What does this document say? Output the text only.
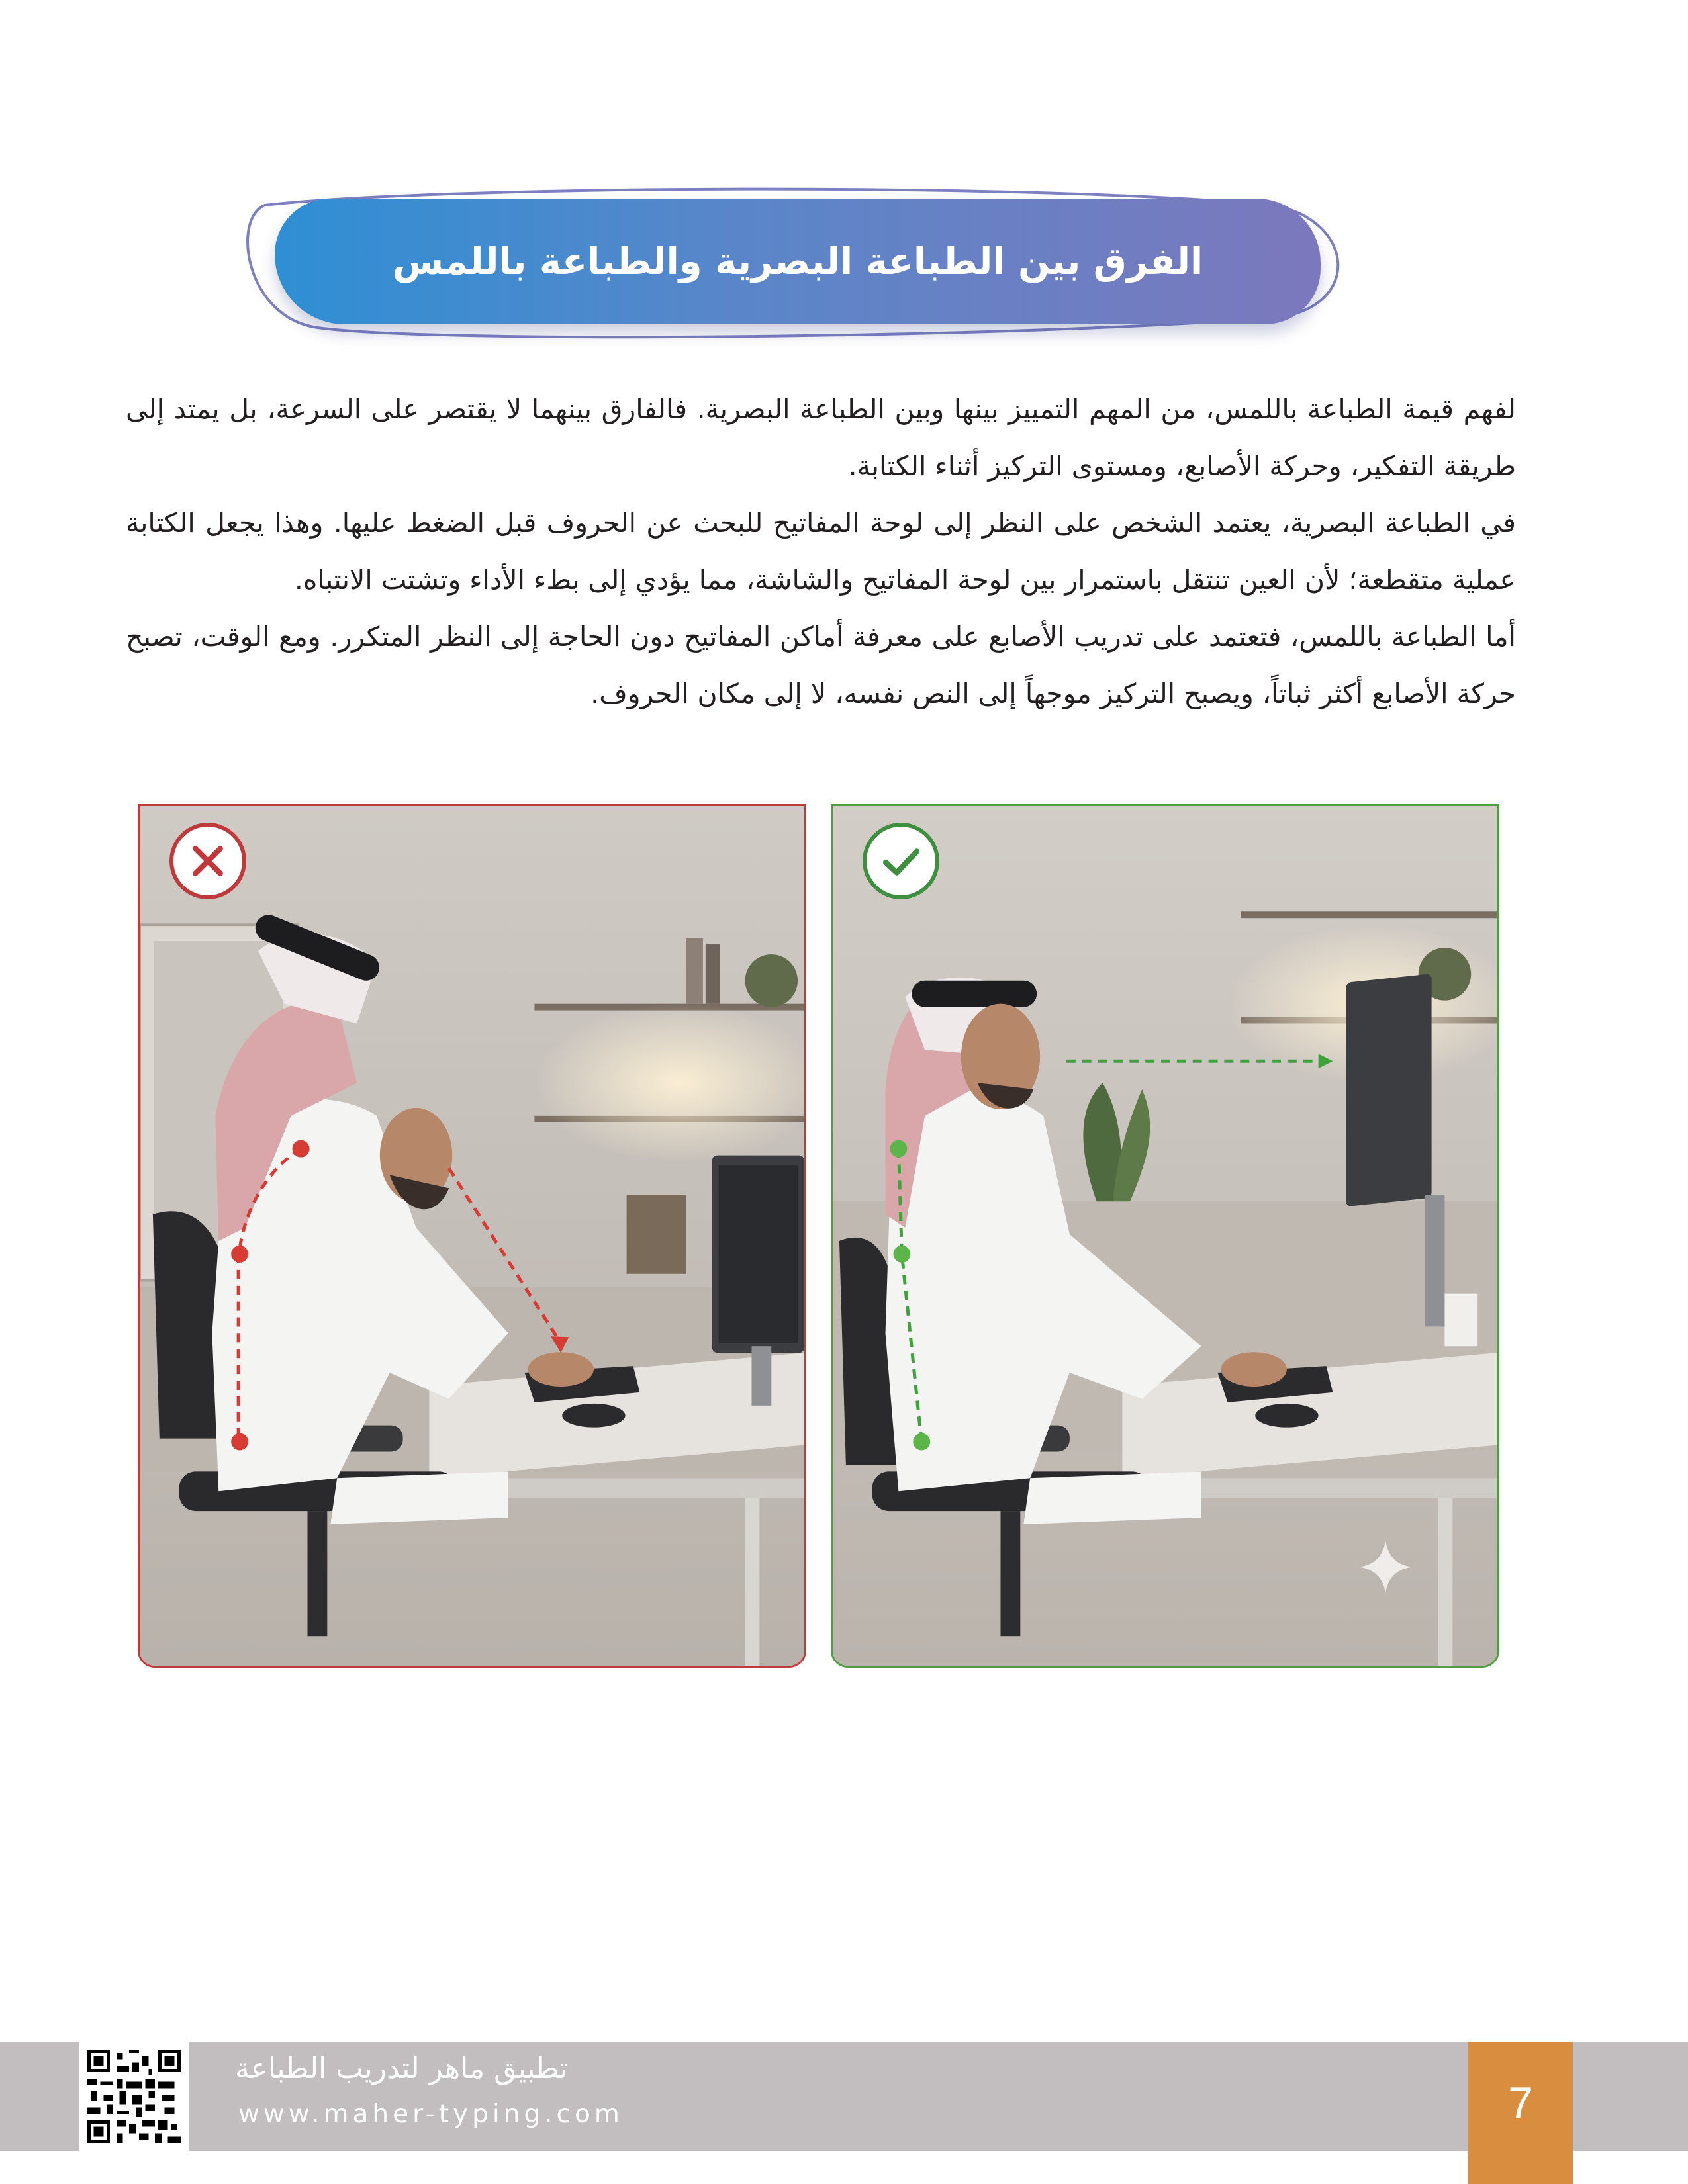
الفرق بين الطباعة البصرية والطباعة باللمس

لفهم قيمة الطباعة باللمس، من المهم التمييز بينها وبين الطباعة البصرية. فالفارق بينهما لا يقتصر على السرعة، بل يمتد إلى طريقة التفكير، وحركة الأصابع، ومستوى التركيز أثناء الكتابة.

في الطباعة البصرية، يعتمد الشخص على النظر إلى لوحة المفاتيح للبحث عن الحروف قبل الضغط عليها. وهذا يجعل الكتابة عملية متقطعة؛ لأن العين تنتقل باستمرار بين لوحة المفاتيح والشاشة، مما يؤدي إلى بطء الأداء وتشتت الانتباه.

أما الطباعة باللمس، فتعتمد على تدريب الأصابع على معرفة أماكن المفاتيح دون الحاجة إلى النظر المتكرر. ومع الوقت، تصبح حركة الأصابع أكثر ثباتاً، ويصبح التركيز موجهاً إلى النص نفسه، لا إلى مكان الحروف.

تطبيق ماهر لتدريب الطباعة
www.maher-typing.com	7
